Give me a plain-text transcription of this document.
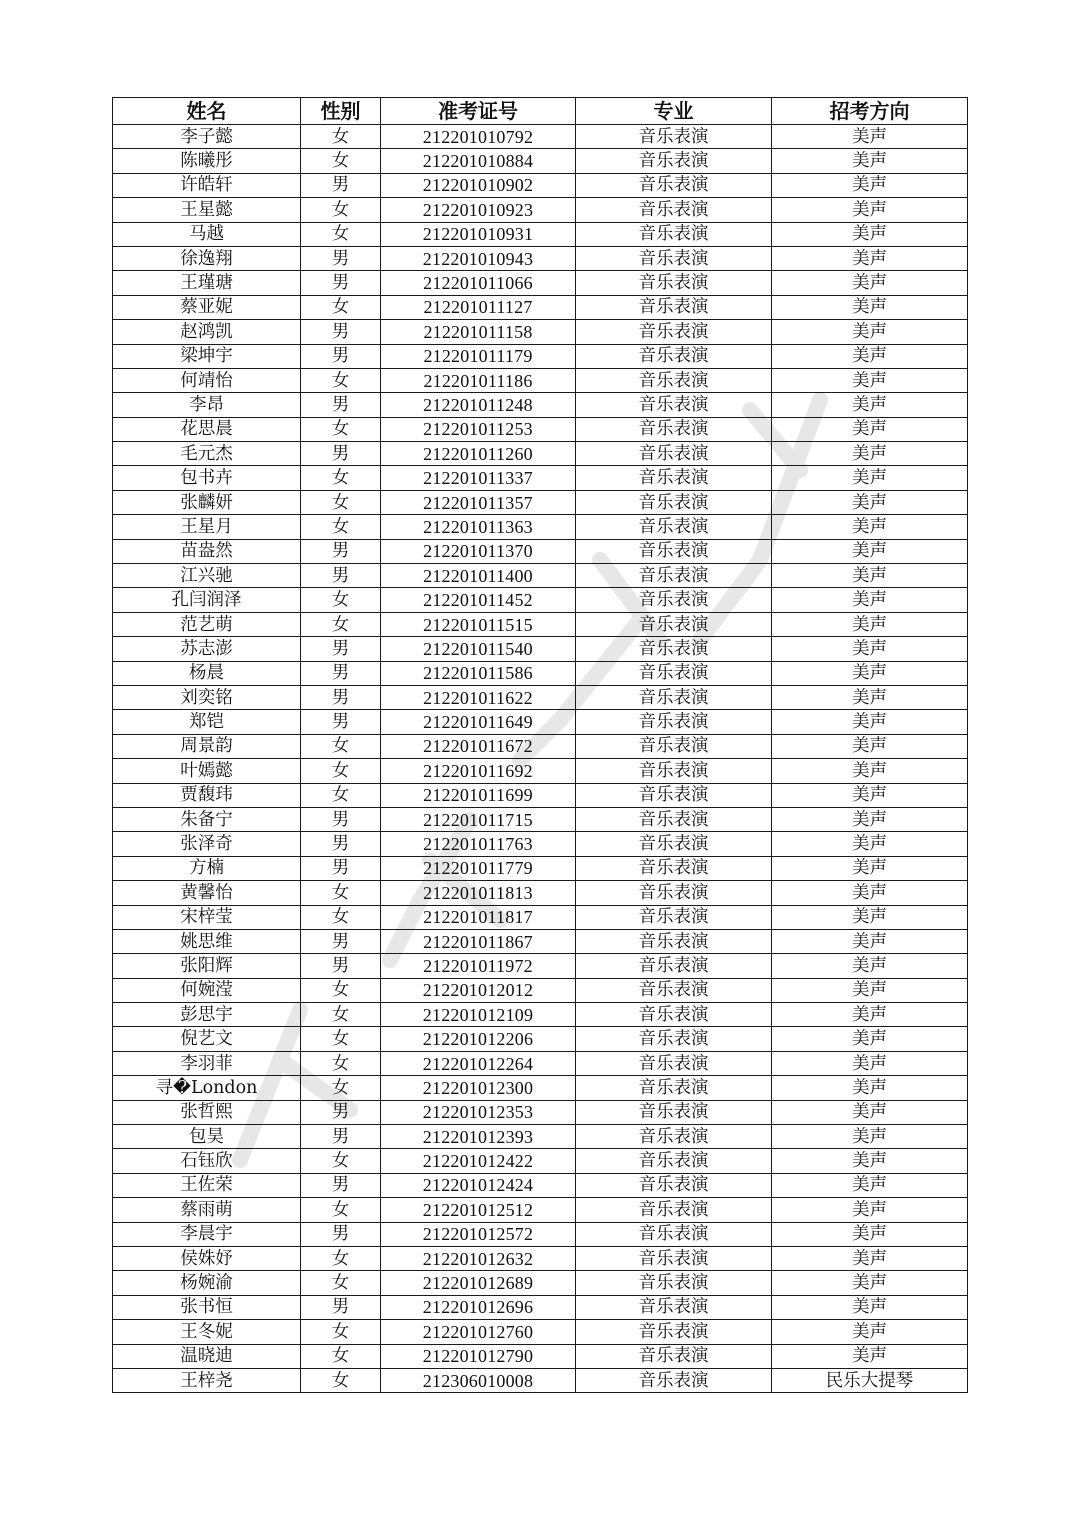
姓名	性别	准考证号	专业	招考方向
李子懿	女	212201010792	音乐表演	美声
陈曦彤	女	212201010884	音乐表演	美声
许皓轩	男	212201010902	音乐表演	美声
王星懿	女	212201010923	音乐表演	美声
马越	女	212201010931	音乐表演	美声
徐逸翔	男	212201010943	音乐表演	美声
王瑾瑭	男	212201011066	音乐表演	美声
蔡亚妮	女	212201011127	音乐表演	美声
赵鸿凯	男	212201011158	音乐表演	美声
梁坤宇	男	212201011179	音乐表演	美声
何靖怡	女	212201011186	音乐表演	美声
李昂	男	212201011248	音乐表演	美声
花思晨	女	212201011253	音乐表演	美声
毛元杰	男	212201011260	音乐表演	美声
包书卉	女	212201011337	音乐表演	美声
张麟妍	女	212201011357	音乐表演	美声
王星月	女	212201011363	音乐表演	美声
苗盎然	男	212201011370	音乐表演	美声
江兴驰	男	212201011400	音乐表演	美声
孔闫润泽	女	212201011452	音乐表演	美声
范艺萌	女	212201011515	音乐表演	美声
苏志澎	男	212201011540	音乐表演	美声
杨晨	男	212201011586	音乐表演	美声
刘奕铭	男	212201011622	音乐表演	美声
郑铠	男	212201011649	音乐表演	美声
周景韵	女	212201011672	音乐表演	美声
叶嫣懿	女	212201011692	音乐表演	美声
贾馥玮	女	212201011699	音乐表演	美声
朱备宁	男	212201011715	音乐表演	美声
张泽奇	男	212201011763	音乐表演	美声
方楠	男	212201011779	音乐表演	美声
黄馨怡	女	212201011813	音乐表演	美声
宋梓莹	女	212201011817	音乐表演	美声
姚思维	男	212201011867	音乐表演	美声
张阳辉	男	212201011972	音乐表演	美声
何婉滢	女	212201012012	音乐表演	美声
彭思宇	女	212201012109	音乐表演	美声
倪艺文	女	212201012206	音乐表演	美声
李羽菲	女	212201012264	音乐表演	美声
寻�London	女	212201012300	音乐表演	美声
张哲熙	男	212201012353	音乐表演	美声
包昊	男	212201012393	音乐表演	美声
石钰欣	女	212201012422	音乐表演	美声
王佐荣	男	212201012424	音乐表演	美声
蔡雨萌	女	212201012512	音乐表演	美声
李晨宇	男	212201012572	音乐表演	美声
侯姝妤	女	212201012632	音乐表演	美声
杨婉渝	女	212201012689	音乐表演	美声
张书恒	男	212201012696	音乐表演	美声
王冬妮	女	212201012760	音乐表演	美声
温晓迪	女	212201012790	音乐表演	美声
王梓尧	女	212306010008	音乐表演	民乐大提琴
